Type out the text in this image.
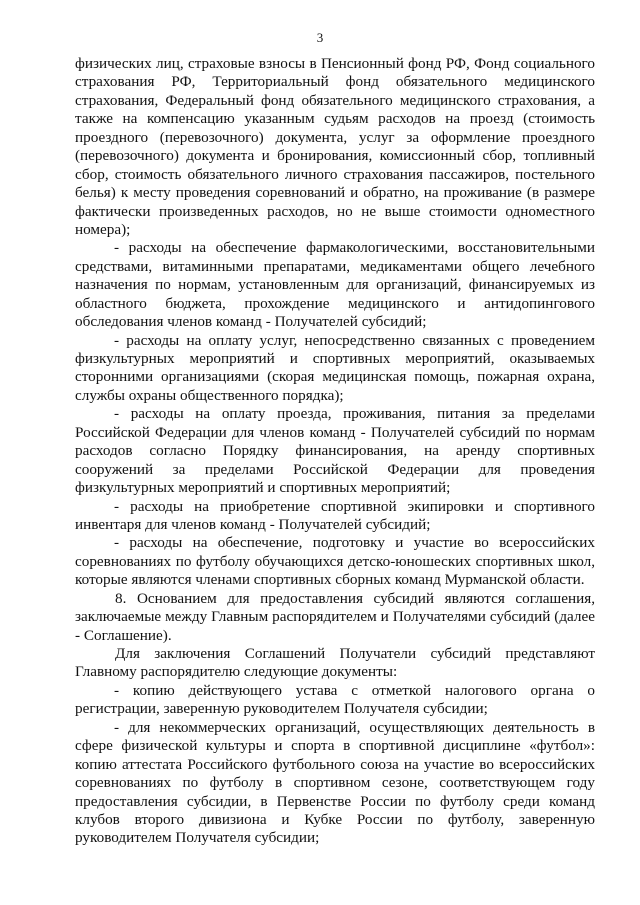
3
физических лиц, страховые взносы в Пенсионный фонд РФ, Фонд социального
страхования РФ, Территориальный фонд обязательного медицинского
страхования, Федеральный фонд обязательного медицинского страхования, а
также на компенсацию указанным судьям расходов на проезд (стоимость
проездного (перевозочного) документа, услуг за оформление проездного
(перевозочного) документа и бронирования, комиссионный сбор, топливный
сбор, стоимость обязательного личного страхования пассажиров, постельного
белья) к месту проведения соревнований и обратно, на проживание (в размере
фактически произведенных расходов, но не выше стоимости одноместного
номера);
- расходы на обеспечение фармакологическими, восстановительными
средствами, витаминными препаратами, медикаментами общего лечебного
назначения по нормам, установленным для организаций, финансируемых из
областного бюджета, прохождение медицинского и антидопингового
обследования членов команд - Получателей субсидий;
- расходы на оплату услуг, непосредственно связанных с проведением
физкультурных мероприятий и спортивных мероприятий, оказываемых
сторонними организациями (скорая медицинская помощь, пожарная охрана,
службы охраны общественного порядка);
- расходы на оплату проезда, проживания, питания за пределами
Российской Федерации для членов команд - Получателей субсидий по нормам
расходов согласно Порядку финансирования, на аренду спортивных
сооружений за пределами Российской Федерации для проведения
физкультурных мероприятий и спортивных мероприятий;
- расходы на приобретение спортивной экипировки и спортивного
инвентаря для членов команд - Получателей субсидий;
- расходы на обеспечение, подготовку и участие во всероссийских
соревнованиях по футболу обучающихся детско-юношеских спортивных школ,
которые являются членами спортивных сборных команд Мурманской области.
8. Основанием для предоставления субсидий являются соглашения,
заключаемые между Главным распорядителем и Получателями субсидий (далее
- Соглашение).
Для заключения Соглашений Получатели субсидий представляют
Главному распорядителю следующие документы:
- копию действующего устава с отметкой налогового органа о
регистрации, заверенную руководителем Получателя субсидии;
- для некоммерческих организаций, осуществляющих деятельность в
сфере физической культуры и спорта в спортивной дисциплине «футбол»:
копию аттестата Российского футбольного союза на участие во всероссийских
соревнованиях по футболу в спортивном сезоне, соответствующем году
предоставления субсидии, в Первенстве России по футболу среди команд
клубов второго дивизиона и Кубке России по футболу, заверенную
руководителем Получателя субсидии;
